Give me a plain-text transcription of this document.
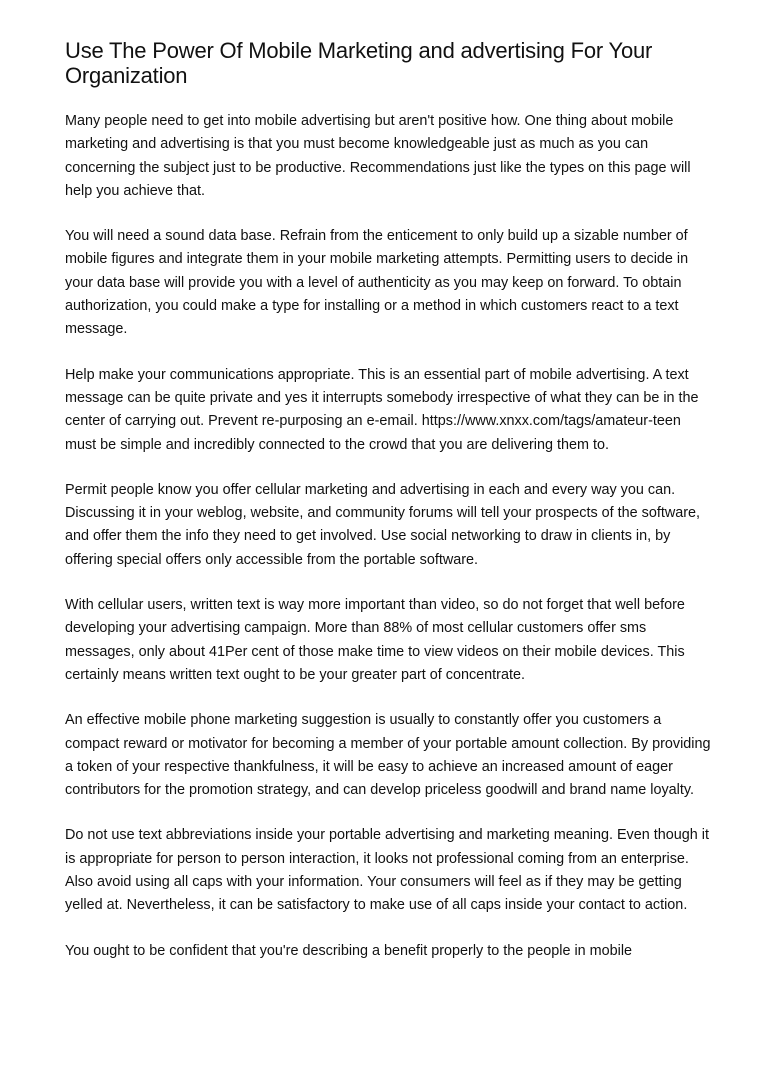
Use The Power Of Mobile Marketing and advertising For Your Organization

Many people need to get into mobile advertising but aren't positive how. One thing about mobile marketing and advertising is that you must become knowledgeable just as much as you can concerning the subject just to be productive. Recommendations just like the types on this page will help you achieve that.

You will need a sound data base. Refrain from the enticement to only build up a sizable number of mobile figures and integrate them in your mobile marketing attempts. Permitting users to decide in your data base will provide you with a level of authenticity as you may keep on forward. To obtain authorization, you could make a type for installing or a method in which customers react to a text message.

Help make your communications appropriate. This is an essential part of mobile advertising. A text message can be quite private and yes it interrupts somebody irrespective of what they can be in the center of carrying out. Prevent re-purposing an e-email. https://www.xnxx.com/tags/amateur-teen must be simple and incredibly connected to the crowd that you are delivering them to.

Permit people know you offer cellular marketing and advertising in each and every way you can. Discussing it in your weblog, website, and community forums will tell your prospects of the software, and offer them the info they need to get involved. Use social networking to draw in clients in, by offering special offers only accessible from the portable software.

With cellular users, written text is way more important than video, so do not forget that well before developing your advertising campaign. More than 88% of most cellular customers offer sms messages, only about 41Per cent of those make time to view videos on their mobile devices. This certainly means written text ought to be your greater part of concentrate.

An effective mobile phone marketing suggestion is usually to constantly offer you customers a compact reward or motivator for becoming a member of your portable amount collection. By providing a token of your respective thankfulness, it will be easy to achieve an increased amount of eager contributors for the promotion strategy, and can develop priceless goodwill and brand name loyalty.

Do not use text abbreviations inside your portable advertising and marketing meaning. Even though it is appropriate for person to person interaction, it looks not professional coming from an enterprise. Also avoid using all caps with your information. Your consumers will feel as if they may be getting yelled at. Nevertheless, it can be satisfactory to make use of all caps inside your contact to action.

You ought to be confident that you're describing a benefit properly to the people in mobile
